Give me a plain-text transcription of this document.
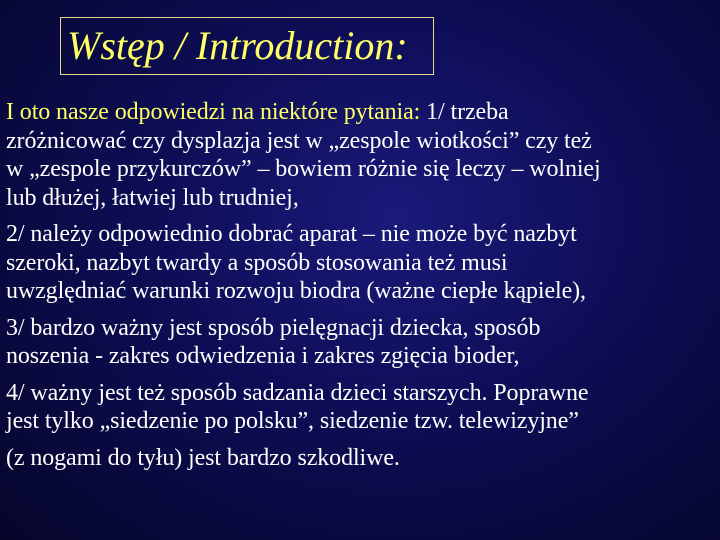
Wstęp / Introduction:
I oto nasze odpowiedzi na niektóre pytania: 1/ trzeba
zróżnicować czy dysplazja jest w „zespole wiotkości” czy też
w „zespole przykurczów” – bowiem różnie się leczy – wolniej
lub dłużej, łatwiej lub trudniej,
2/ należy odpowiednio dobrać aparat – nie może być nazbyt
szeroki, nazbyt twardy a sposób stosowania też musi
uwzględniać warunki rozwoju biodra (ważne ciepłe kąpiele),
3/ bardzo ważny jest sposób pielęgnacji dziecka, sposób
noszenia - zakres odwiedzenia i zakres zgięcia bioder,
4/ ważny jest też sposób sadzania dzieci starszych. Poprawne
jest tylko „siedzenie po polsku”, siedzenie tzw. telewizyjne”
(z nogami do tyłu) jest bardzo szkodliwe.
